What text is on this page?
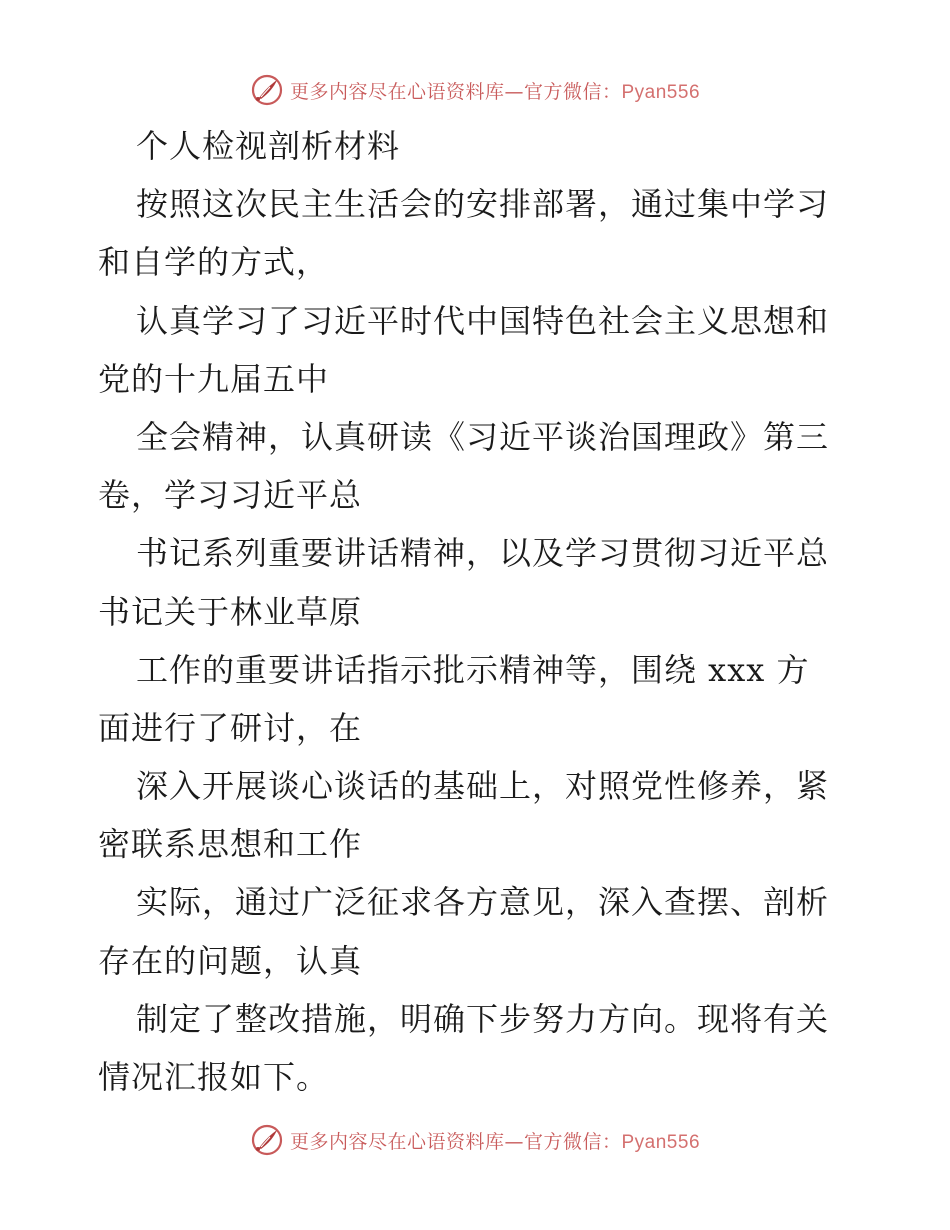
更多内容尽在心语资料库—官方微信：Pyan556
个人检视剖析材料
按照这次民主生活会的安排部署，通过集中学习
和自学的方式，
认真学习了习近平时代中国特色社会主义思想和
党的十九届五中
全会精神，认真研读《习近平谈治国理政》第三
卷，学习习近平总
书记系列重要讲话精神，以及学习贯彻习近平总
书记关于林业草原
工作的重要讲话指示批示精神等，围绕 xxx 方
面进行了研讨，在
深入开展谈心谈话的基础上，对照党性修养，紧
密联系思想和工作
实际，通过广泛征求各方意见，深入查摆、剖析
存在的问题，认真
制定了整改措施，明确下步努力方向。现将有关
情况汇报如下。
更多内容尽在心语资料库—官方微信：Pyan556
